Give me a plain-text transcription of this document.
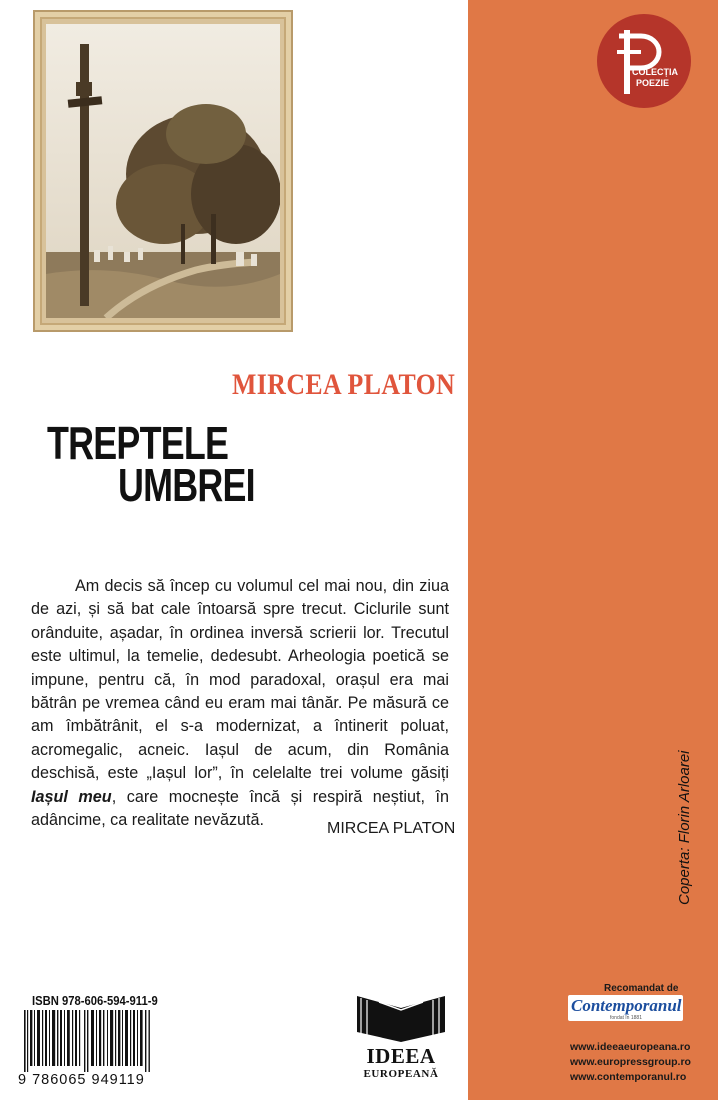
COLECȚIA
POEZIE
MIRCEA PLATON
TREPTELE
UMBREI
Am decis să încep cu volumul cel mai nou, din ziua de azi, și să bat cale întoarsă spre trecut. Ciclurile sunt orânduite, așadar, în ordinea inversă scrierii lor. Trecutul este ultimul, la temelie, dedesubt. Arheologia poetică se impune, pentru că, în mod paradoxal, orașul era mai bătrân pe vremea când eu eram mai tânăr. Pe măsură ce am îmbătrânit, el s-a modernizat, a întinerit poluat, acromegalic, acneic. Iașul de acum, din România deschisă, este „Iașul lor”, în celelalte trei volume găsiți Iașul meu, care mocnește încă și respiră neștiut, în adâncime, ca realitate nevăzută.	MIRCEA PLATON
ISBN 978-606-594-911-9
9 786065 949119
IDEEA
EUROPEANĂ
Coperta: Florin Arloarei
Recomandat de
Contemporanul
fondat în 1881
www.ideeaeuropeana.ro
www.europressgroup.ro
www.contemporanul.ro
